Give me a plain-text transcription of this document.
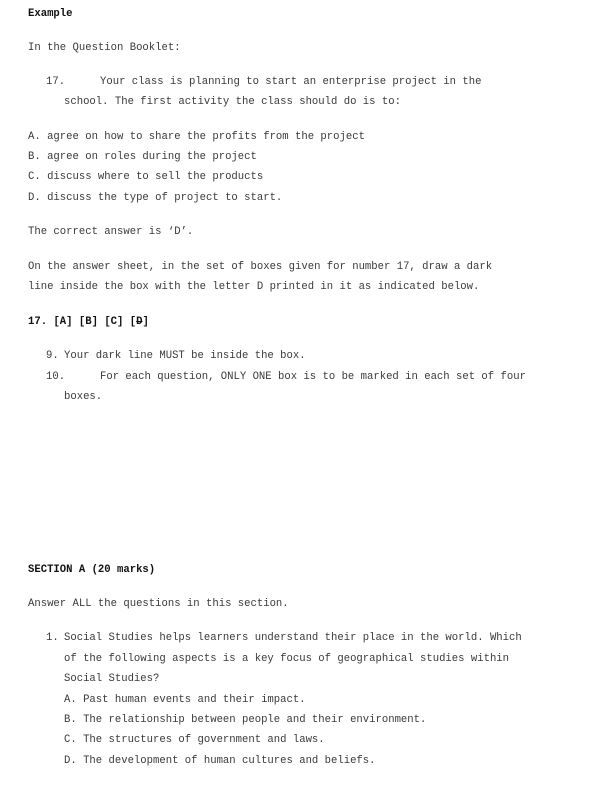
Example
In the Question Booklet:
17.	Your class is planning to start an enterprise project in the
school. The first activity the class should do is to:
A. agree on how to share the profits from the project
B. agree on roles during the project
C. discuss where to sell the products
D. discuss the type of project to start.
The correct answer is ‘D’.
On the answer sheet, in the set of boxes given for number 17, draw a dark
line inside the box with the letter D printed in it as indicated below.
17. [A] [B] [C] [D]
9. Your dark line MUST be inside the box.
10.	For each question, ONLY ONE box is to be marked in each set of four
boxes.
SECTION A (20 marks)
Answer ALL the questions in this section.
1. Social Studies helps learners understand their place in the world. Which
of the following aspects is a key focus of geographical studies within
Social Studies?
A. Past human events and their impact.
B. The relationship between people and their environment.
C. The structures of government and laws.
D. The development of human cultures and beliefs.
